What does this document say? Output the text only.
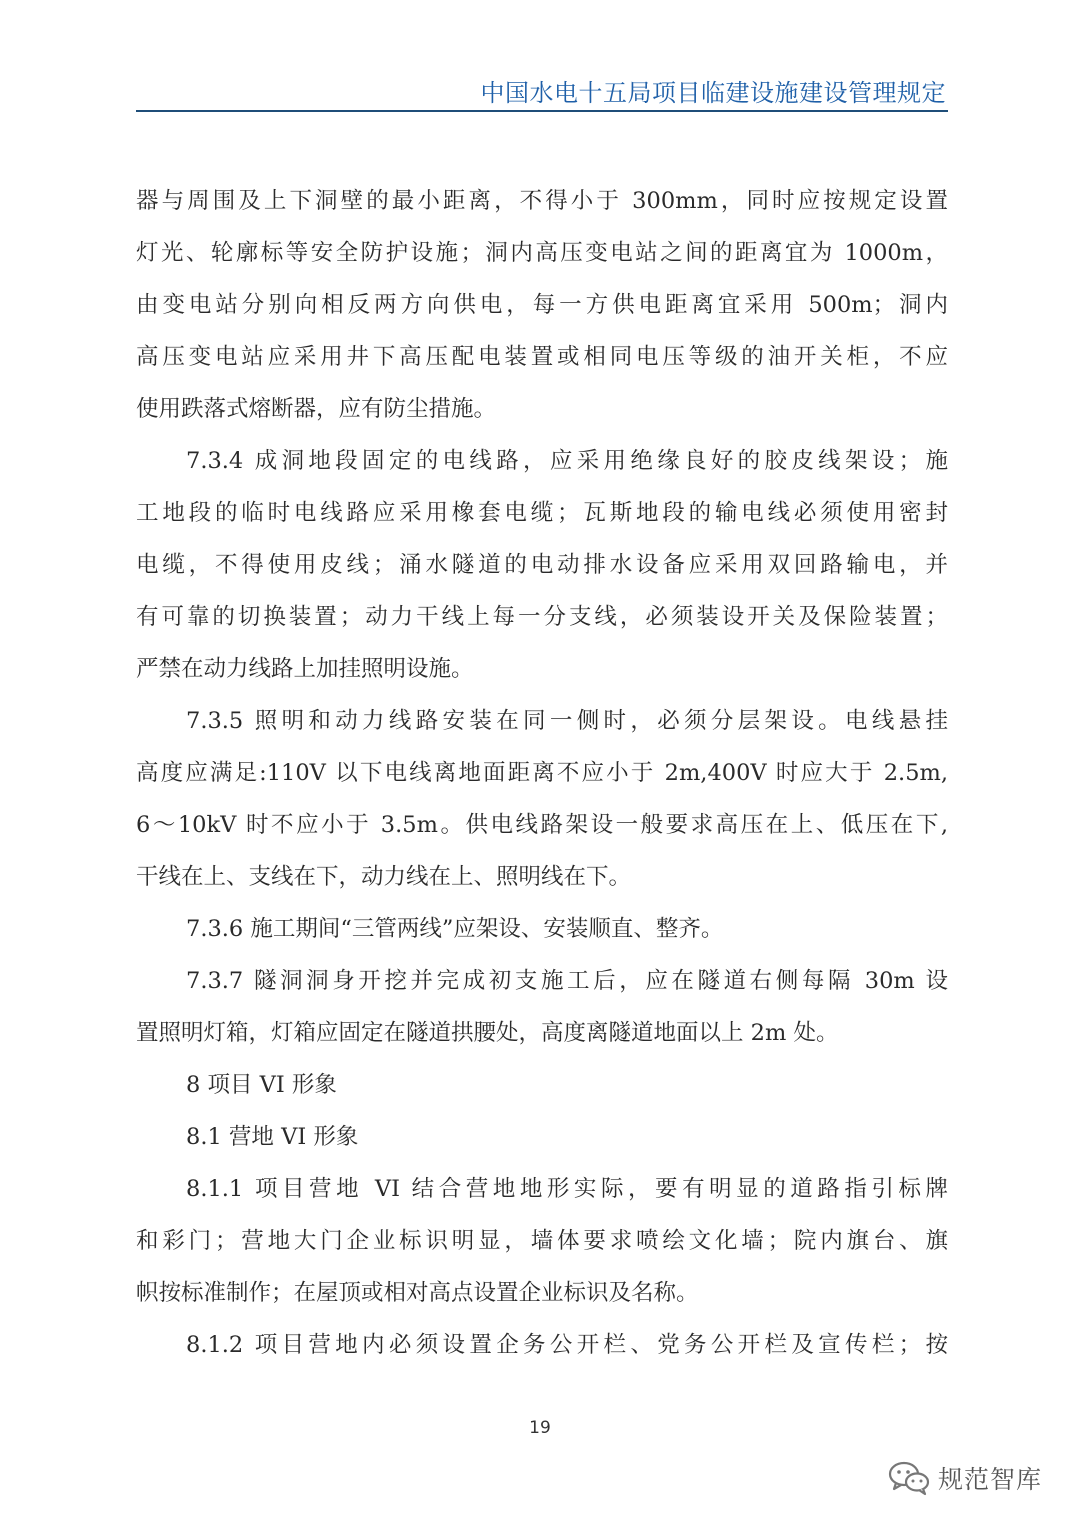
中国水电十五局项目临建设施建设管理规定
器与周围及上下洞壁的最小距离，不得小于 300mm，同时应按规定设置
灯光、轮廓标等安全防护设施；洞内高压变电站之间的距离宜为 1000m，
由变电站分别向相反两方向供电，每一方供电距离宜采用 500m；洞内
高压变电站应采用井下高压配电装置或相同电压等级的油开关柜，不应
使用跌落式熔断器，应有防尘措施。
7.3.4 成洞地段固定的电线路，应采用绝缘良好的胶皮线架设；施
工地段的临时电线路应采用橡套电缆；瓦斯地段的输电线必须使用密封
电缆，不得使用皮线；涌水隧道的电动排水设备应采用双回路输电，并
有可靠的切换装置；动力干线上每一分支线，必须装设开关及保险装置；
严禁在动力线路上加挂照明设施。
7.3.5 照明和动力线路安装在同一侧时，必须分层架设。电线悬挂
高度应满足:110V 以下电线离地面距离不应小于 2m,400V 时应大于 2.5m,
6～10kV 时不应小于 3.5m。供电线路架设一般要求高压在上、低压在下,
干线在上、支线在下，动力线在上、照明线在下。
7.3.6 施工期间“三管两线”应架设、安装顺直、整齐。
7.3.7 隧洞洞身开挖并完成初支施工后，应在隧道右侧每隔 30m 设
置照明灯箱，灯箱应固定在隧道拱腰处，高度离隧道地面以上 2m 处。
8 项目 VI 形象
8.1 营地 VI 形象
8.1.1 项目营地 VI 结合营地地形实际，要有明显的道路指引标牌
和彩门；营地大门企业标识明显，墙体要求喷绘文化墙；院内旗台、旗
帜按标准制作；在屋顶或相对高点设置企业标识及名称。
8.1.2 项目营地内必须设置企务公开栏、党务公开栏及宣传栏；按
19
规范智库
